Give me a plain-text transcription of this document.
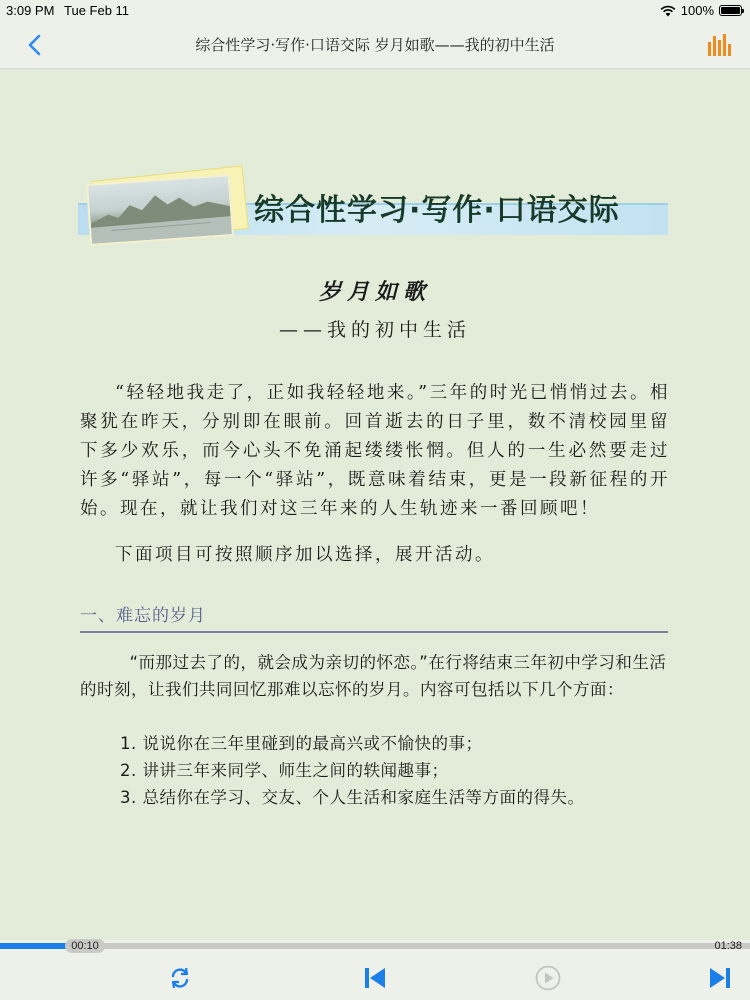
3:09 PM Tue Feb 11	100%
综合性学习·写作·口语交际 岁月如歌——我的初中生活
综合性学习·写作·口语交际
岁月如歌
——我的初中生活

“轻轻地我走了，正如我轻轻地来。”三年的时光已悄悄过去。相聚犹在昨天，分别即在眼前。回首逝去的日子里，数不清校园里留下多少欢乐，而今心头不免涌起缕缕怅惘。但人的一生必然要走过许多“驿站”，每一个“驿站”，既意味着结束，更是一段新征程的开始。现在，就让我们对这三年来的人生轨迹来一番回顾吧！

下面项目可按照顺序加以选择，展开活动。

一、难忘的岁月

“而那过去了的，就会成为亲切的怀恋。”在行将结束三年初中学习和生活的时刻，让我们共同回忆那难以忘怀的岁月。内容可包括以下几个方面：

1. 说说你在三年里碰到的最高兴或不愉快的事；
2. 讲讲三年来同学、师生之间的轶闻趣事；
3. 总结你在学习、交友、个人生活和家庭生活等方面的得失。
00:10	01:38
